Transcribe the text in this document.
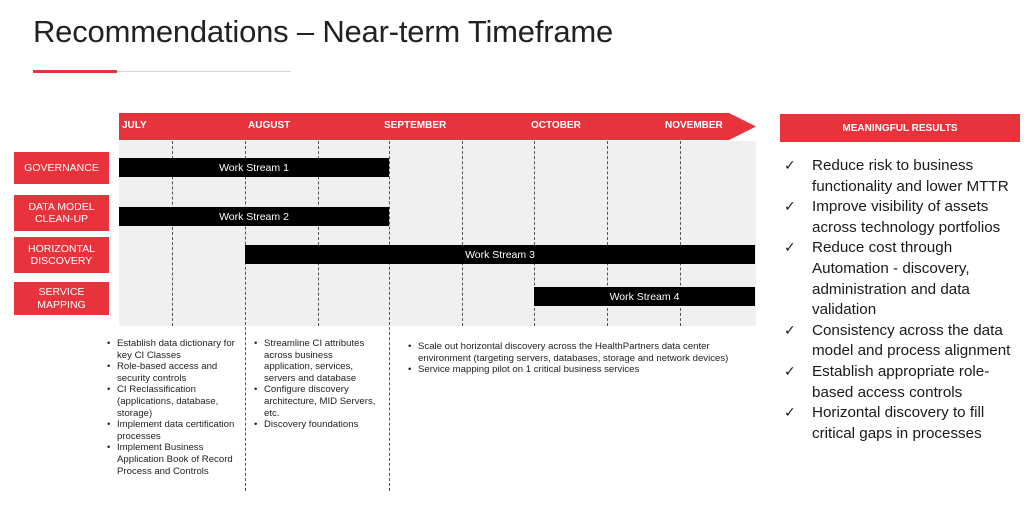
Recommendations – Near-term Timeframe
JULY	AUGUST	SEPTEMBER	OCTOBER	NOVEMBER
GOVERNANCE
DATA MODEL CLEAN-UP
HORIZONTAL DISCOVERY
SERVICE MAPPING
Work Stream 1
Work Stream 2
Work Stream 3
Work Stream 4
• Establish data dictionary for key CI Classes
• Role-based access and security controls
• CI Reclassification (applications, database, storage)
• Implement data certification processes
• Implement Business Application Book of Record Process and Controls
• Streamline CI attributes across business application, services, servers and database
• Configure discovery architecture, MID Servers, etc.
• Discovery foundations
• Scale out horizontal discovery across the HealthPartners data center environment (targeting servers, databases, storage and network devices)
• Service mapping pilot on 1 critical business services
MEANINGFUL RESULTS
✓ Reduce risk to business functionality and lower MTTR
✓ Improve visibility of assets across technology portfolios
✓ Reduce cost through Automation - discovery, administration and data validation
✓ Consistency across the data model and process alignment
✓ Establish appropriate role-based access controls
✓ Horizontal discovery to fill critical gaps in processes
